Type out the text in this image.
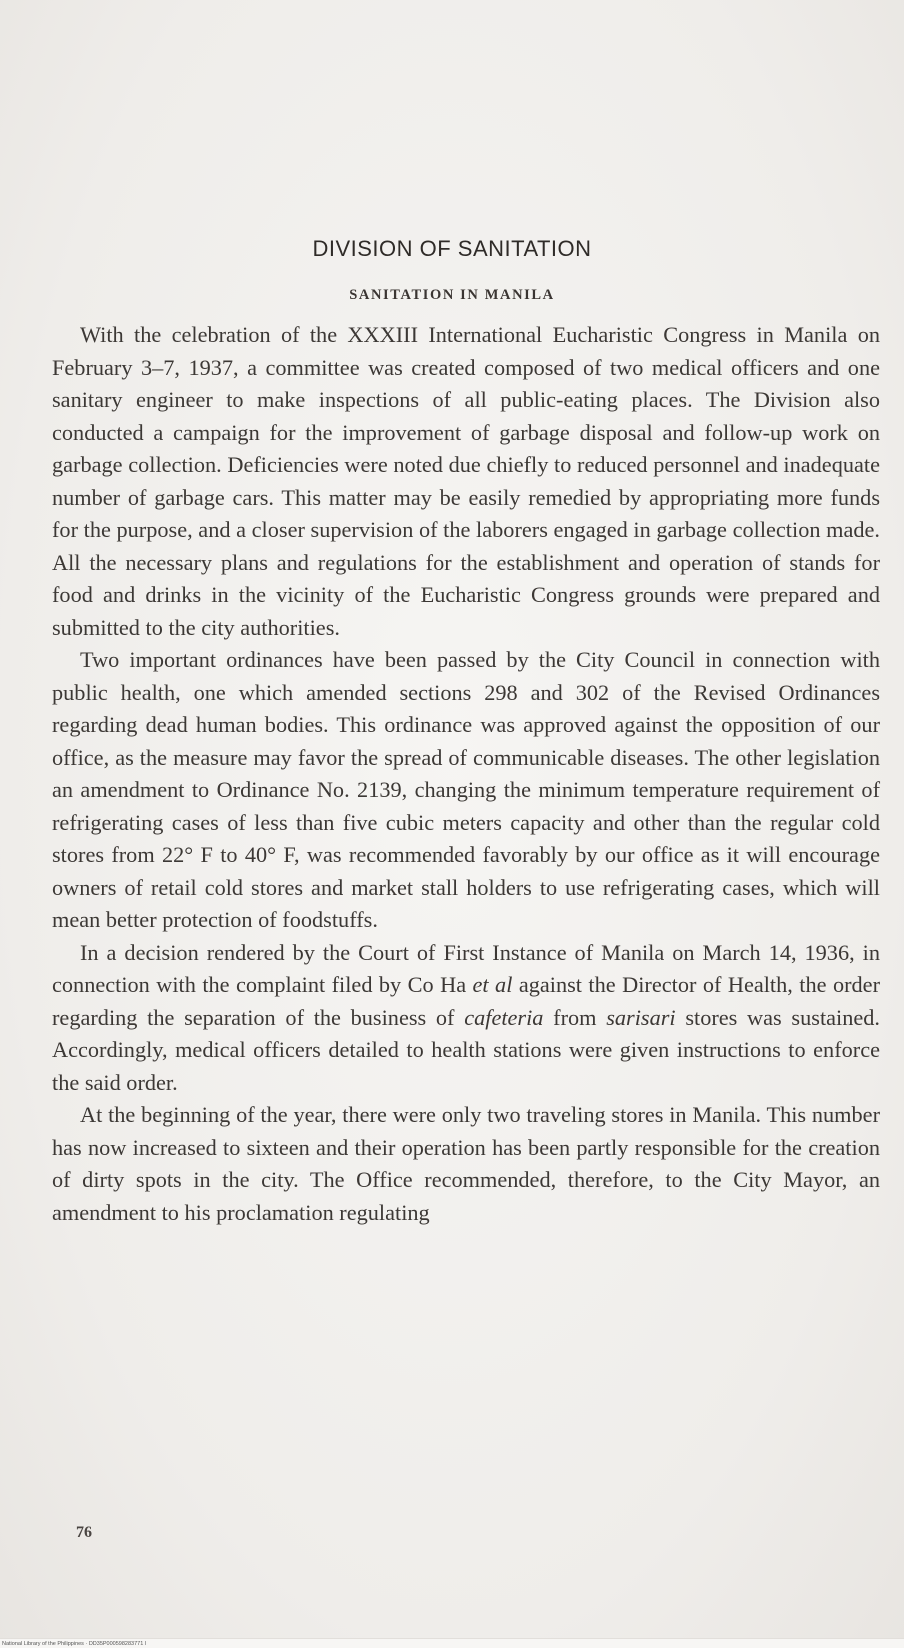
DIVISION OF SANITATION
SANITATION IN MANILA

With the celebration of the XXXIII International Eucharistic Congress in Manila on February 3–7, 1937, a committee was created composed of two medical officers and one sanitary engineer to make inspections of all public-eating places. The Division also conducted a campaign for the improvement of garbage disposal and follow-up work on garbage collection. Deficiencies were noted due chiefly to reduced personnel and inadequate number of garbage cars. This matter may be easily remedied by appropriating more funds for the purpose, and a closer supervision of the laborers engaged in garbage collection made. All the necessary plans and regulations for the establishment and operation of stands for food and drinks in the vicinity of the Eucharistic Congress grounds were prepared and submitted to the city authorities.

Two important ordinances have been passed by the City Council in connection with public health, one which amended sections 298 and 302 of the Revised Ordinances regarding dead human bodies. This ordinance was approved against the opposition of our office, as the measure may favor the spread of communicable diseases. The other legislation an amendment to Ordinance No. 2139, changing the minimum temperature requirement of refrigerating cases of less than five cubic meters capacity and other than the regular cold stores from 22° F to 40° F, was recommended favorably by our office as it will encourage owners of retail cold stores and market stall holders to use refrigerating cases, which will mean better protection of foodstuffs.

In a decision rendered by the Court of First Instance of Manila on March 14, 1936, in connection with the complaint filed by Co Ha et al against the Director of Health, the order regarding the separation of the business of cafeteria from sarisari stores was sustained. Accordingly, medical officers detailed to health stations were given instructions to enforce the said order.

At the beginning of the year, there were only two traveling stores in Manila. This number has now increased to sixteen and their operation has been partly responsible for the creation of dirty spots in the city. The Office recommended, therefore, to the City Mayor, an amendment to his proclamation regulating

76
National Library of the Philippines · DD35P000598283771 l
